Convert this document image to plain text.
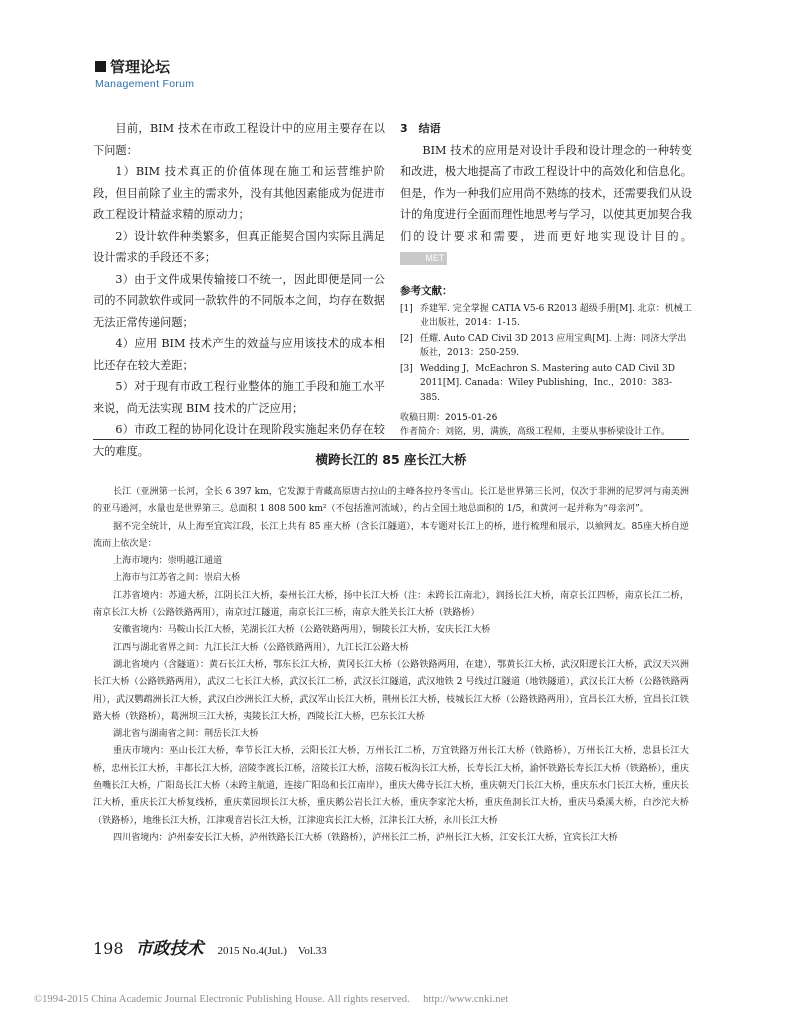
管理论坛
Management Forum

目前，BIM 技术在市政工程设计中的应用主要存在以下问题：

1）BIM 技术真正的价值体现在施工和运营维护阶段，但目前除了业主的需求外，没有其他因素能成为促进市政工程设计精益求精的原动力；

2）设计软件种类繁多，但真正能契合国内实际且满足设计需求的手段还不多；

3）由于文件成果传输接口不统一，因此即便是同一公司的不同款软件或同一款软件的不同版本之间，均存在数据无法正常传递问题；

4）应用 BIM 技术产生的效益与应用该技术的成本相比还存在较大差距；

5）对于现有市政工程行业整体的施工手段和施工水平来说，尚无法实现 BIM 技术的广泛应用；

6）市政工程的协同化设计在现阶段实施起来仍存在较大的难度。

3　结语

BIM 技术的应用是对设计手段和设计理念的一种转变和改进，极大地提高了市政工程设计中的高效化和信息化。但是，作为一种我们应用尚不熟练的技术，还需要我们从设计的角度进行全面而理性地思考与学习，以使其更加契合我们的设计要求和需要，进而更好地实现设计目的。 MET

参考文献：

[1] 乔建军. 完全掌握 CATIA V5-6 R2013 超级手册[M]. 北京：机械工业出版社，2014：1-15.
[2] 任耀. Auto CAD Civil 3D 2013 应用宝典[M]. 上海：同济大学出版社，2013：250-259.
[3] Wedding J，McEachron S. Mastering auto CAD Civil 3D 2011[M]. Canada：Wiley Publishing，Inc.，2010：383-385.

收稿日期：2015-01-26

作者简介：刘铭，男，满族，高级工程师，主要从事桥梁设计工作。

横跨长江的 85 座长江大桥

长江（亚洲第一长河，全长 6 397 km，它发源于青藏高原唐古拉山的主峰各拉丹冬雪山。长江是世界第三长河，仅次于非洲的尼罗河与南美洲的亚马逊河，水量也是世界第三。总面积 1 808 500 km²（不包括淮河流域），约占全国土地总面积的 1/5，和黄河一起并称为“母亲河”。

据不完全统计，从上海至宜宾江段，长江上共有 85 座大桥（含长江隧道），本专题对长江上的桥，进行梳理和展示，以飨网友。85座大桥自逆流而上依次是：

上海市境内：崇明越江通道

上海市与江苏省之间：崇启大桥

江苏省境内：苏通大桥，江阴长江大桥，泰州长江大桥，扬中长江大桥（注：未跨长江南北），润扬长江大桥，南京长江四桥，南京长江二桥，南京长江大桥（公路铁路两用），南京过江隧道，南京长江三桥，南京大胜关长江大桥（铁路桥）

安徽省境内：马鞍山长江大桥，芜湖长江大桥（公路铁路两用），铜陵长江大桥，安庆长江大桥

江西与湖北省界之间：九江长江大桥（公路铁路两用），九江长江公路大桥

湖北省境内（含隧道）：黄石长江大桥，鄂东长江大桥，黄冈长江大桥（公路铁路两用，在建），鄂黄长江大桥，武汉阳逻长江大桥，武汉天兴洲长江大桥（公路铁路两用），武汉二七长江大桥，武汉长江二桥，武汉长江隧道，武汉地铁 2 号线过江隧道（地铁隧道），武汉长江大桥（公路铁路两用），武汉鹦鹉洲长江大桥，武汉白沙洲长江大桥，武汉军山长江大桥，荆州长江大桥，枝城长江大桥（公路铁路两用），宜昌长江大桥，宜昌长江铁路大桥（铁路桥），葛洲坝三江大桥，夷陵长江大桥，西陵长江大桥，巴东长江大桥

湖北省与湖南省之间：荆岳长江大桥

重庆市境内：巫山长江大桥，奉节长江大桥，云阳长江大桥，万州长江二桥，万宜铁路万州长江大桥（铁路桥），万州长江大桥，忠县长江大桥，忠州长江大桥，丰都长江大桥，涪陵李渡长江桥，涪陵长江大桥，涪陵石板沟长江大桥，长寿长江大桥，渝怀铁路长寿长江大桥（铁路桥），重庆鱼嘴长江大桥，广阳岛长江大桥（未跨主航道，连接广阳岛和长江南岸），重庆大佛寺长江大桥，重庆朝天门长江大桥，重庆东水门长江大桥，重庆长江大桥，重庆长江大桥复线桥，重庆菜园坝长江大桥，重庆鹅公岩长江大桥，重庆李家沱大桥，重庆鱼洞长江大桥，重庆马桑溪大桥，白沙沱大桥（铁路桥），地维长江大桥，江津观音岩长江大桥，江津迎宾长江大桥，江津长江大桥，永川长江大桥

四川省境内：泸州泰安长江大桥，泸州铁路长江大桥（铁路桥），泸州长江二桥，泸州长江大桥，江安长江大桥，宜宾长江大桥

198 市政技术 2015 No.4(Jul.)　Vol.33
©1994-2015 China Academic Journal Electronic Publishing House. All rights reserved.　 http://www.cnki.net
